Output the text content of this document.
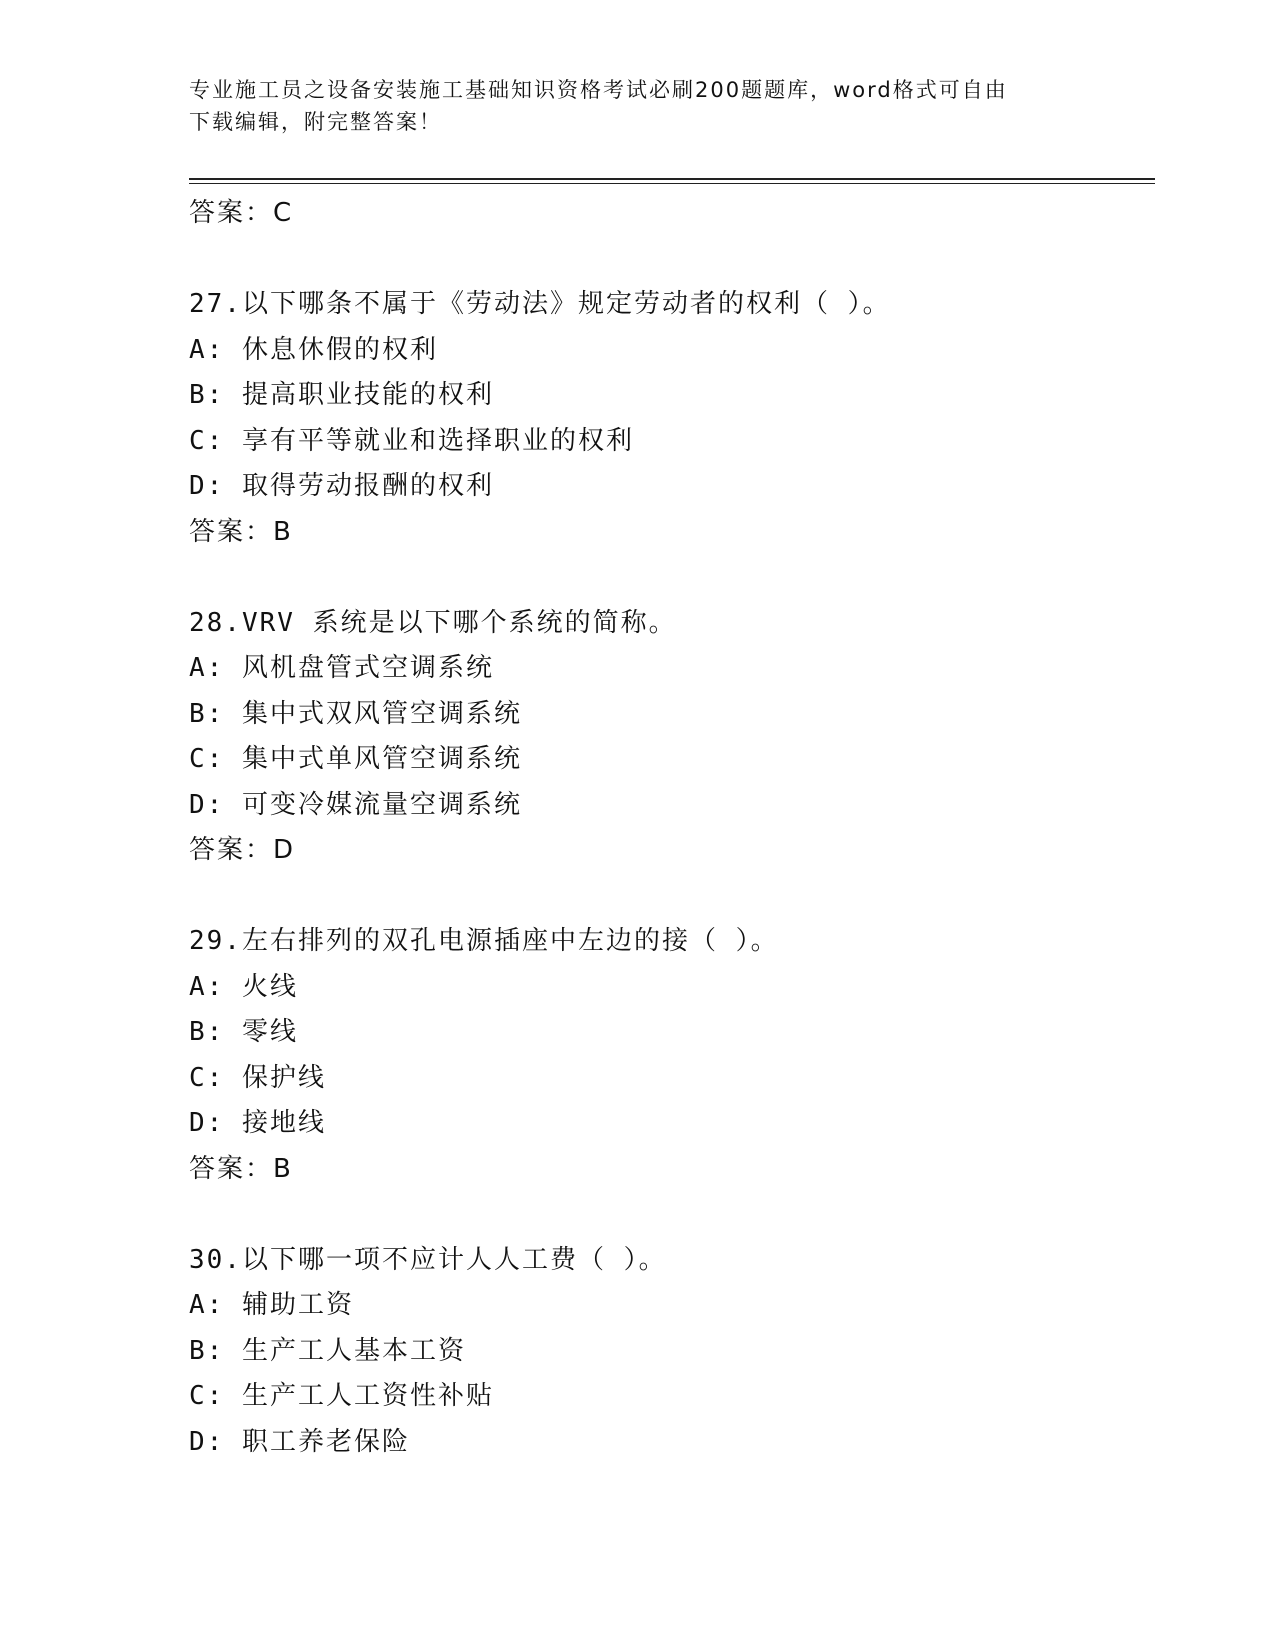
专业施工员之设备安装施工基础知识资格考试必刷200题题库，word格式可自由
下载编辑，附完整答案！
答案：C
27.以下哪条不属于《劳动法》规定劳动者的权利（ ）。
A: 休息休假的权利
B: 提高职业技能的权利
C: 享有平等就业和选择职业的权利
D: 取得劳动报酬的权利
答案：B
28.VRV 系统是以下哪个系统的简称。
A: 风机盘管式空调系统
B: 集中式双风管空调系统
C: 集中式单风管空调系统
D: 可变冷媒流量空调系统
答案：D
29.左右排列的双孔电源插座中左边的接（ ）。
A: 火线
B: 零线
C: 保护线
D: 接地线
答案：B
30.以下哪一项不应计人人工费（ ）。
A: 辅助工资
B: 生产工人基本工资
C: 生产工人工资性补贴
D: 职工养老保险
